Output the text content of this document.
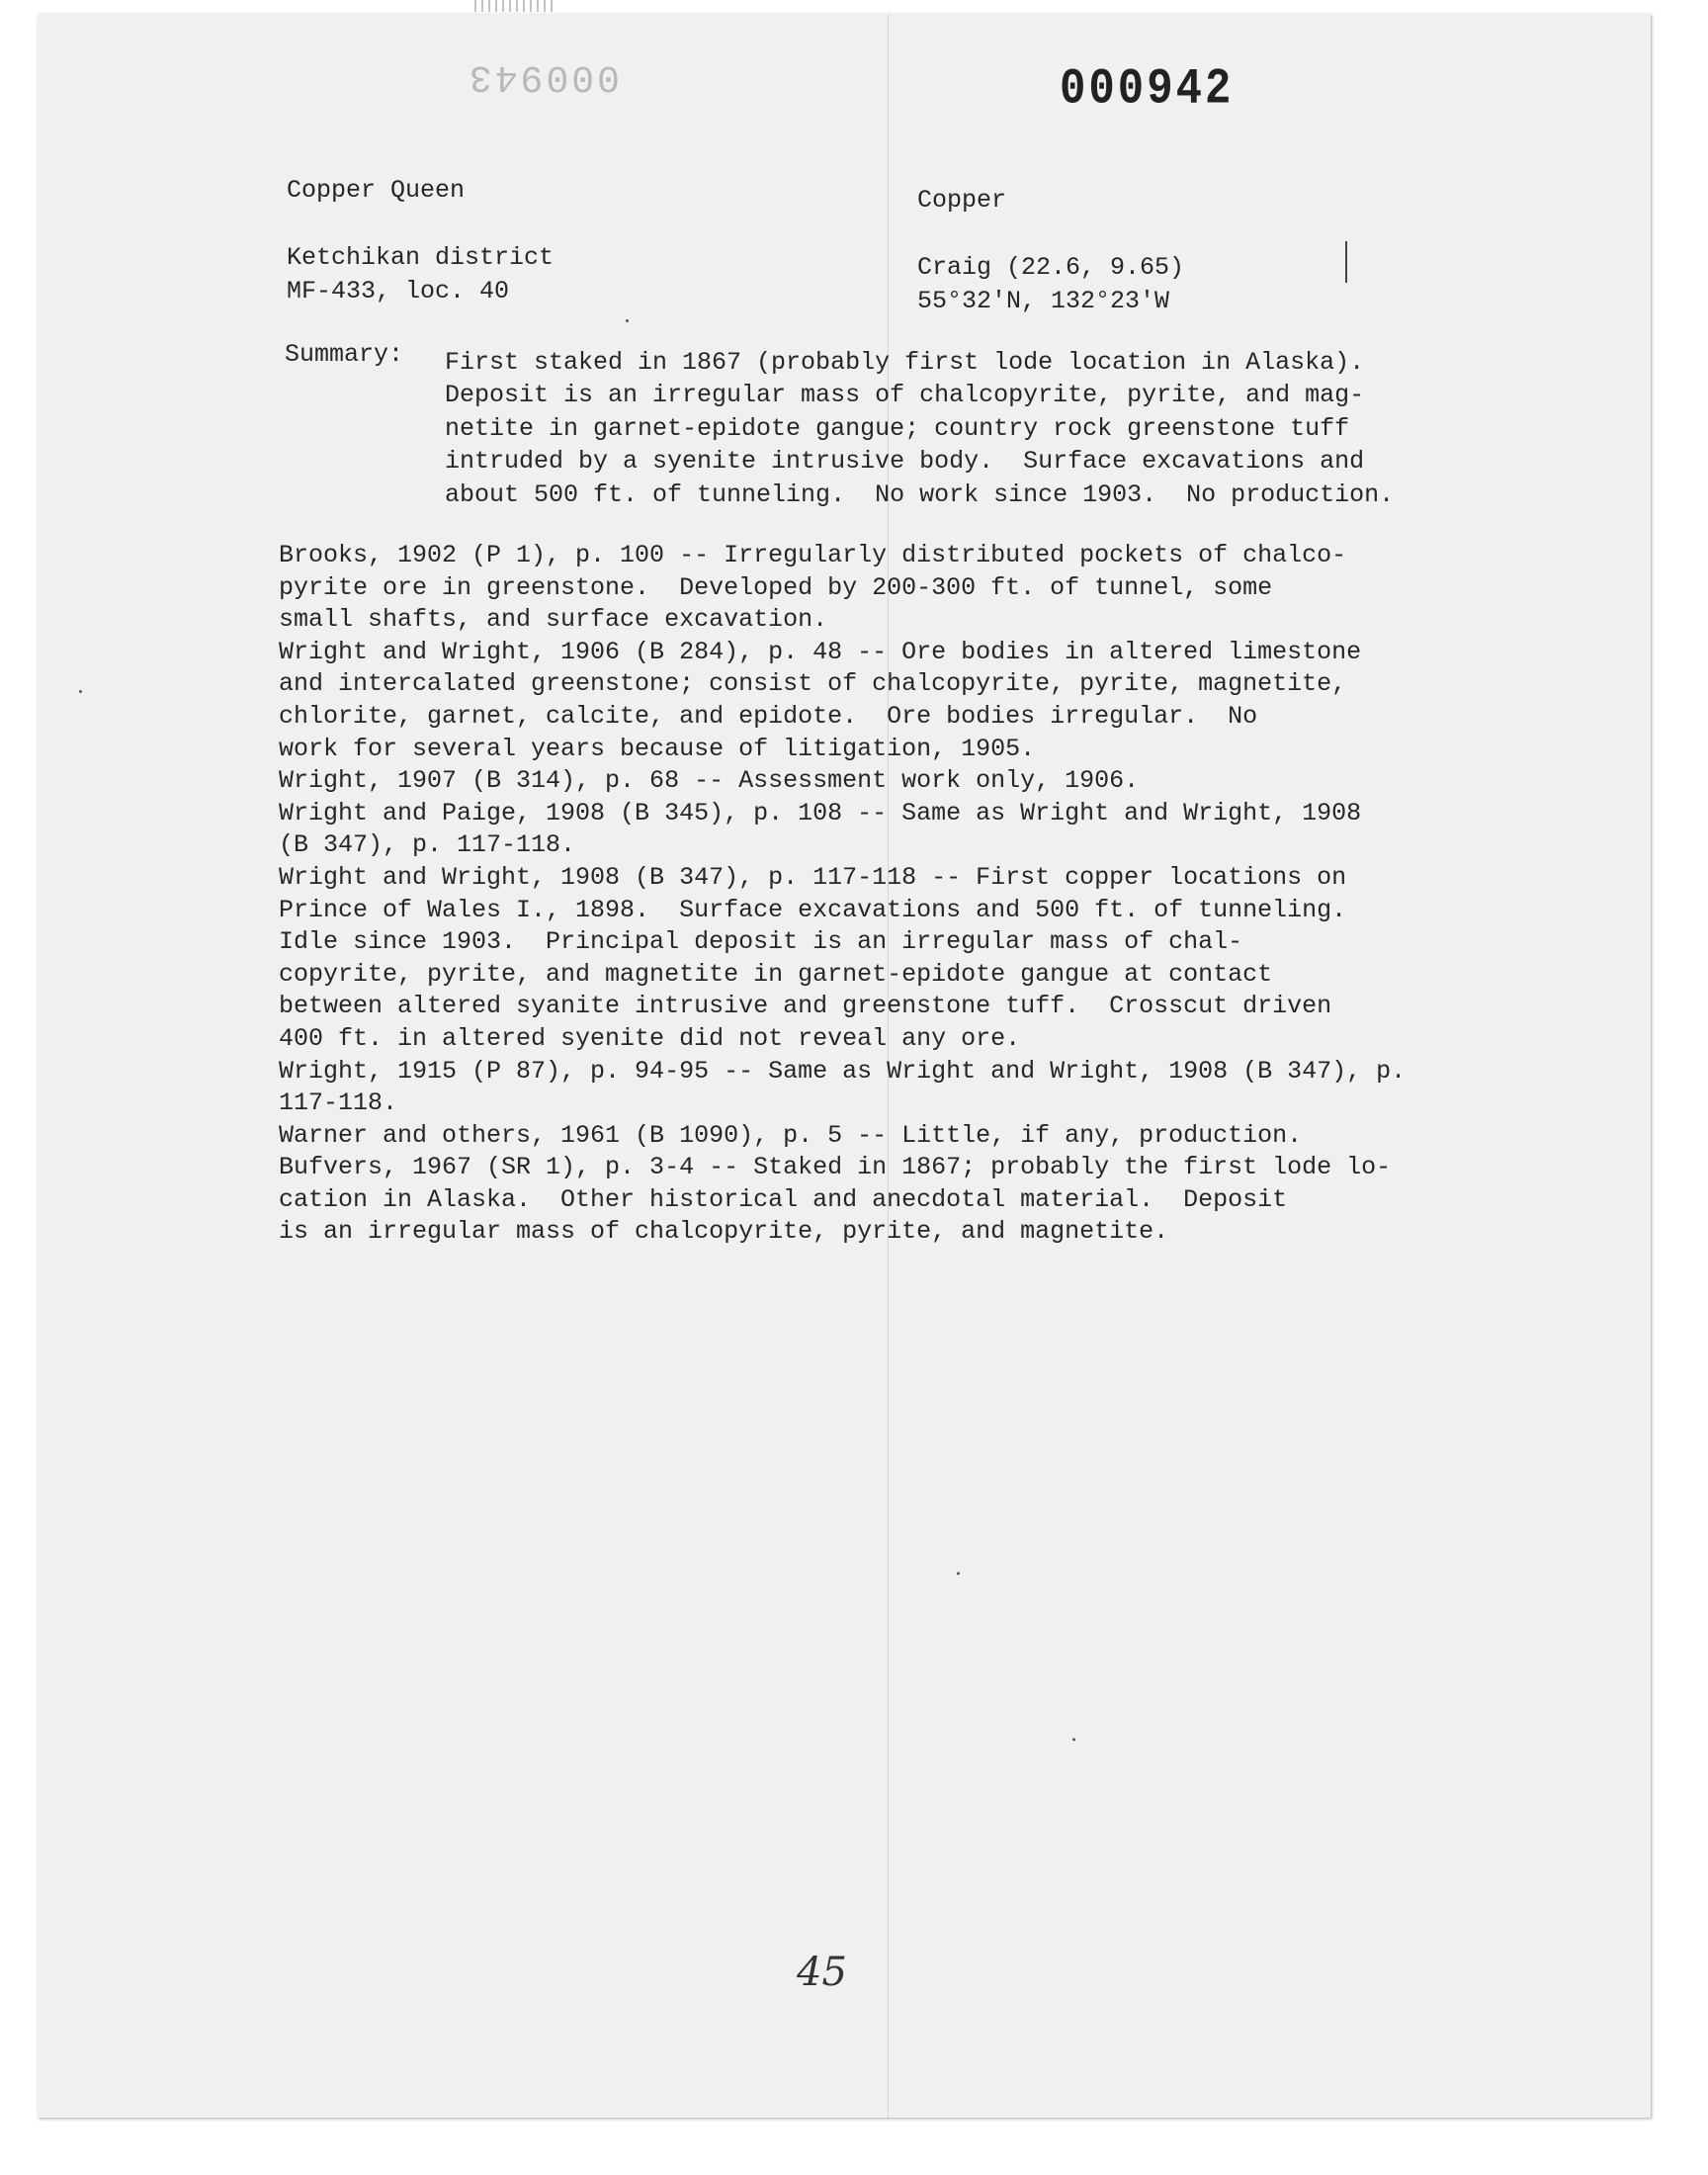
000943	000942

Copper Queen

Ketchikan district

MF-433, loc. 40

Copper

Craig (22.6, 9.65)

55°32'N, 132°23'W

Summary: First staked in 1867 (probably first lode location in Alaska).
Deposit is an irregular mass of chalcopyrite, pyrite, and mag-
netite in garnet-epidote gangue; country rock greenstone tuff
intruded by a syenite intrusive body.  Surface excavations and
about 500 ft. of tunneling.  No work since 1903.  No production.
Brooks, 1902 (P 1), p. 100 -- Irregularly distributed pockets of chalco-
pyrite ore in greenstone.  Developed by 200-300 ft. of tunnel, some
small shafts, and surface excavation.
Wright and Wright, 1906 (B 284), p. 48 -- Ore bodies in altered limestone
and intercalated greenstone; consist of chalcopyrite, pyrite, magnetite,
chlorite, garnet, calcite, and epidote.  Ore bodies irregular.  No
work for several years because of litigation, 1905.
Wright, 1907 (B 314), p. 68 -- Assessment work only, 1906.
Wright and Paige, 1908 (B 345), p. 108 -- Same as Wright and Wright, 1908
(B 347), p. 117-118.
Wright and Wright, 1908 (B 347), p. 117-118 -- First copper locations on
Prince of Wales I., 1898.  Surface excavations and 500 ft. of tunneling.
Idle since 1903.  Principal deposit is an irregular mass of chal-
copyrite, pyrite, and magnetite in garnet-epidote gangue at contact
between altered syanite intrusive and greenstone tuff.  Crosscut driven
400 ft. in altered syenite did not reveal any ore.
Wright, 1915 (P 87), p. 94-95 -- Same as Wright and Wright, 1908 (B 347), p.
117-118.
Warner and others, 1961 (B 1090), p. 5 -- Little, if any, production.
Bufvers, 1967 (SR 1), p. 3-4 -- Staked in 1867; probably the first lode lo-
cation in Alaska.  Other historical and anecdotal material.  Deposit
is an irregular mass of chalcopyrite, pyrite, and magnetite.
45
